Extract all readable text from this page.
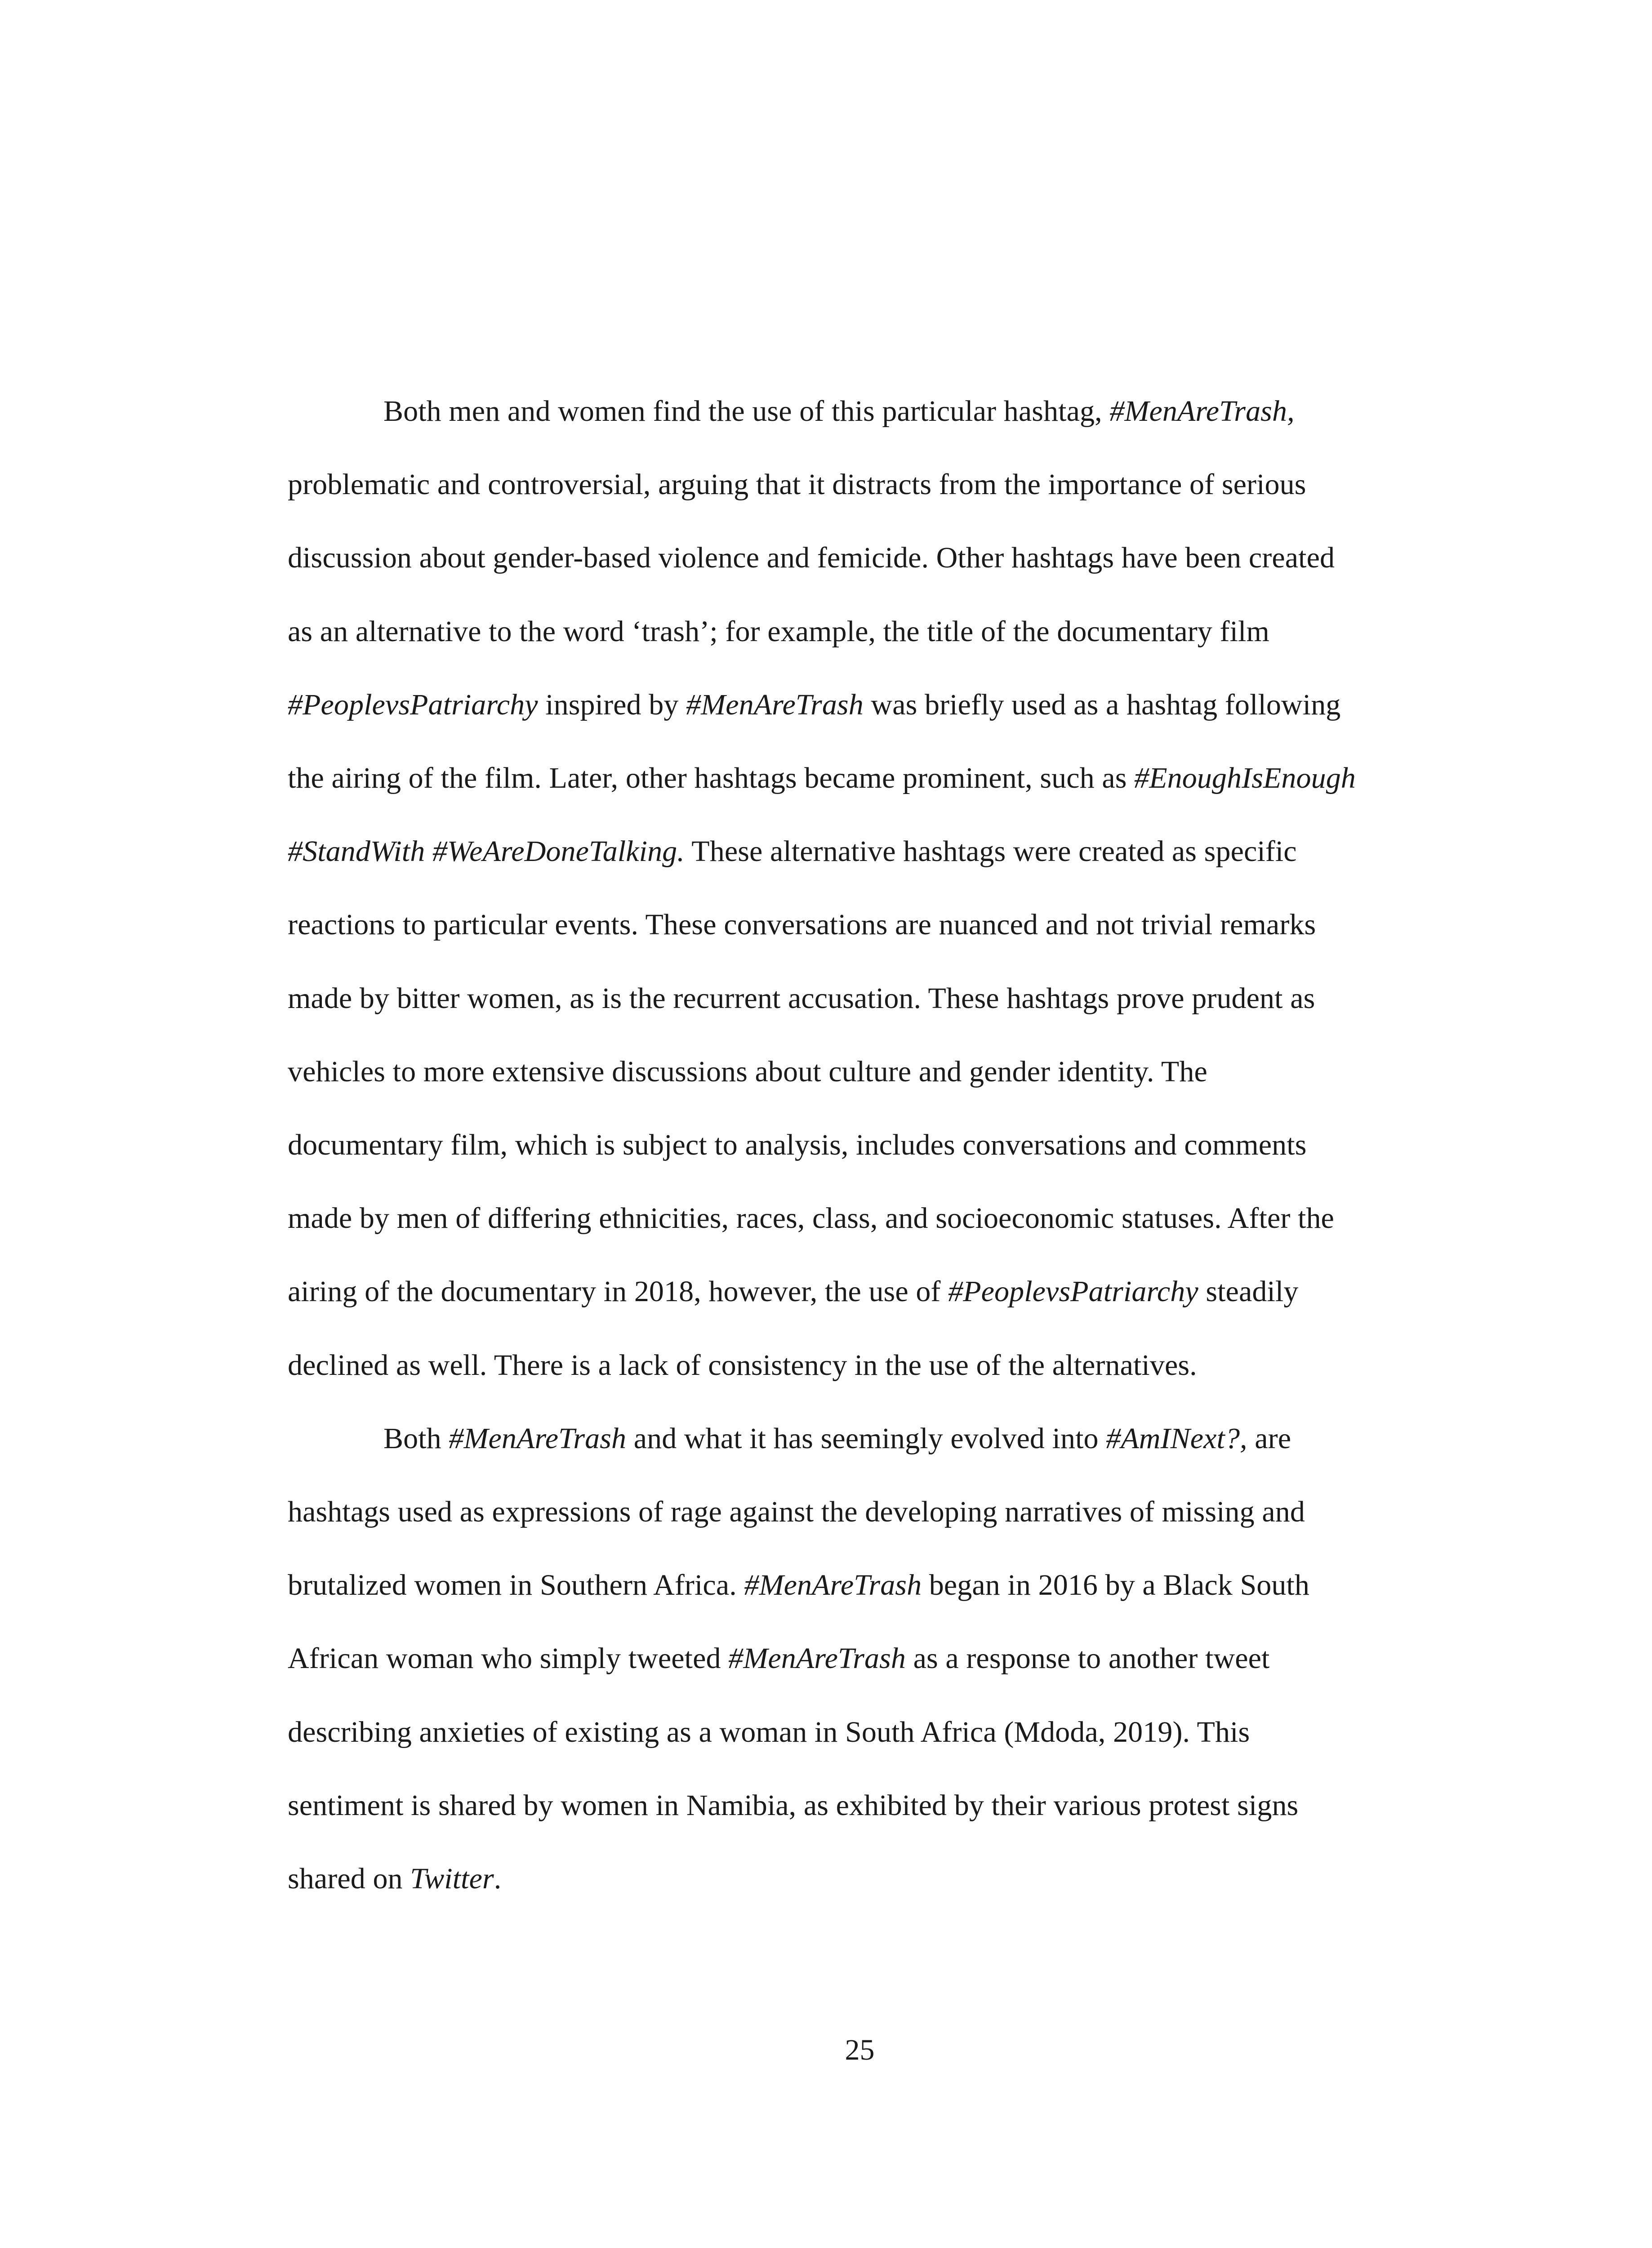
Both men and women find the use of this particular hashtag, #MenAreTrash,
problematic and controversial, arguing that it distracts from the importance of serious
discussion about gender-based violence and femicide. Other hashtags have been created
as an alternative to the word ‘trash’; for example, the title of the documentary film
#PeoplevsPatriarchy inspired by #MenAreTrash was briefly used as a hashtag following
the airing of the film. Later, other hashtags became prominent, such as #EnoughIsEnough
#StandWith #WeAreDoneTalking. These alternative hashtags were created as specific
reactions to particular events. These conversations are nuanced and not trivial remarks
made by bitter women, as is the recurrent accusation. These hashtags prove prudent as
vehicles to more extensive discussions about culture and gender identity. The
documentary film, which is subject to analysis, includes conversations and comments
made by men of differing ethnicities, races, class, and socioeconomic statuses. After the
airing of the documentary in 2018, however, the use of #PeoplevsPatriarchy steadily
declined as well. There is a lack of consistency in the use of the alternatives.
Both #MenAreTrash and what it has seemingly evolved into #AmINext?, are
hashtags used as expressions of rage against the developing narratives of missing and
brutalized women in Southern Africa. #MenAreTrash began in 2016 by a Black South
African woman who simply tweeted #MenAreTrash as a response to another tweet
describing anxieties of existing as a woman in South Africa (Mdoda, 2019). This
sentiment is shared by women in Namibia, as exhibited by their various protest signs
shared on Twitter.
25
